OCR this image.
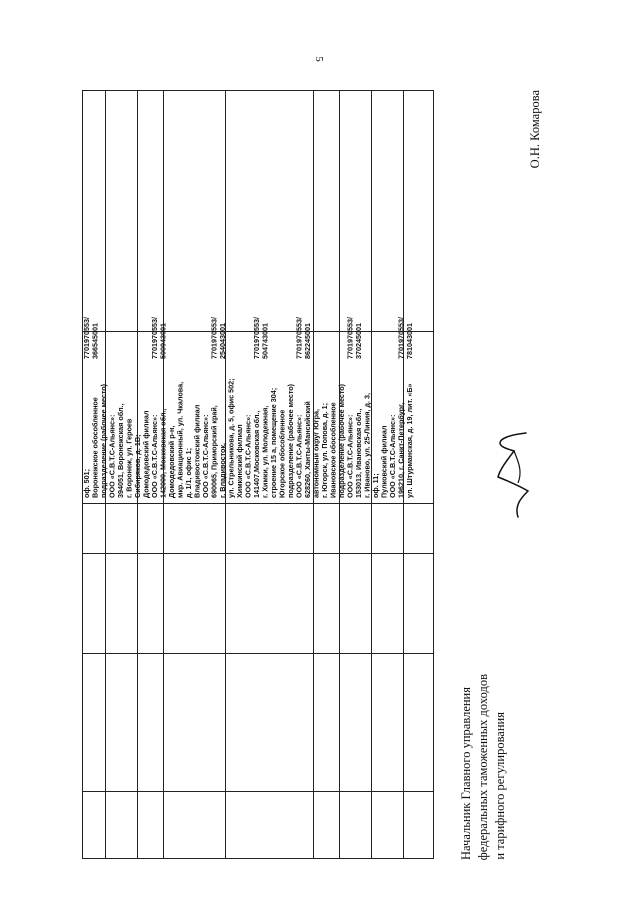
5
оф. 501;
Воронежское обособленное
подразделение (рабочее место)
ООО «С.В.Т.С-Альянс»:
394051, Воронежская обл.,
г. Воронеж, ул. Героев
Сибиряков, д. 1В;
Домодедовский филиал
ООО «С.В.Т.С-Альянс»:
142000, Московская обл.,
Домодедовский р-н,
мкр. Авиационный, ул. Чкалова,
д. 1/1, офис 1;
Владивостокский филиал
ООО «С.В.Т.С-Альянс»:
690065, Приморский край,
г. Владивосток,
ул. Стрельникова, д. 5, офис 502;
Химкинский филиал
ООО «С.В.Т.С-Альянс»:
141407,Московская обл.,
г. Химки, ул. Молодежная,
строение 15 а, помещение 304;
Югорское обособленное
подразделение (рабочее место)
ООО «С.В.Т.С-Альянс»:
628260, Ханты-Мансийский
автономный округ Югра,
г. Югорск, ул. Попова, д. 1;
Ивановское обособленное
подразделение (рабочее место)
ООО «С.В.Т.С-Альянс»:
153013, Ивановская обл.,
г. Иваново, ул. 25-Линия, д. 3,
оф. 11;
Пулковский филиал
ООО «С.В.Т.С-Альянс»:
196210, г. Санкт-Петербург,
ул. Штурманская, д. 19, лит. «Б»
7701970553/
366545001

7701970553/
500943001

7701970553/
254043001

7701970553/
504743001

7701970553/
862245001

7701970553/
370245001

7701970553/
781043001
Начальник Главного управления федеральных таможенных доходов и тарифного регулирования
О.Н. Комарова
